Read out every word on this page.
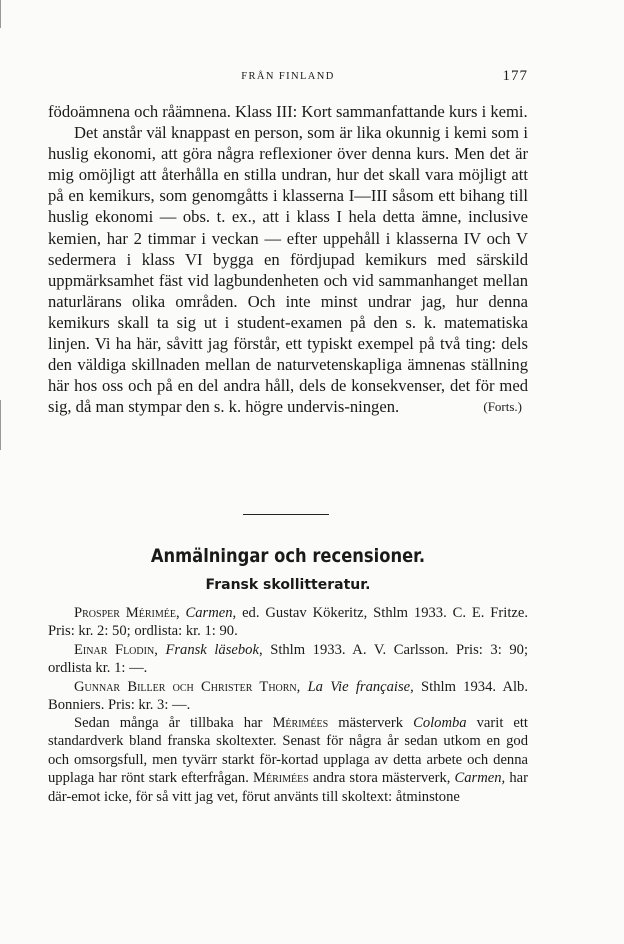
FRÅN FINLAND	177

födoämnena och råämnena. Klass III: Kort sammanfattande kurs i kemi.

Det anstår väl knappast en person, som är lika okunnig i kemi som i huslig ekonomi, att göra några reflexioner över denna kurs. Men det är mig omöjligt att återhålla en stilla undran, hur det skall vara möjligt att på en kemikurs, som genomgåtts i klasserna I—III såsom ett bihang till huslig ekonomi — obs. t. ex., att i klass I hela detta ämne, inclusive kemien, har 2 timmar i veckan — efter uppehåll i klasserna IV och V sedermera i klass VI bygga en fördjupad kemikurs med särskild uppmärksamhet fäst vid lagbundenheten och vid sammanhanget mellan naturlärans olika områden. Och inte minst undrar jag, hur denna kemikurs skall ta sig ut i student-examen på den s. k. matematiska linjen. Vi ha här, såvitt jag förstår, ett typiskt exempel på två ting: dels den väldiga skillnaden mellan de naturvetenskapliga ämnenas ställning här hos oss och på en del andra håll, dels de konsekvenser, det för med sig, då man stympar den s. k. högre undervis-ningen.	(Forts.)

Anmälningar och recensioner.
Fransk skollitteratur.

Prosper Mérimée, Carmen, ed. Gustav Kökeritz, Sthlm 1933. C. E. Fritze. Pris: kr. 2: 50; ordlista: kr. 1: 90.

Einar Flodin, Fransk läsebok, Sthlm 1933. A. V. Carlsson. Pris: 3: 90; ordlista kr. 1: —.

Gunnar Biller och Christer Thorn, La Vie française, Sthlm 1934. Alb. Bonniers. Pris: kr. 3: —.

Sedan många år tillbaka har Mérimées mästerverk Colomba varit ett standardverk bland franska skoltexter. Senast för några år sedan utkom en god och omsorgsfull, men tyvärr starkt för-kortad upplaga av detta arbete och denna upplaga har rönt stark efterfrågan. Mérimées andra stora mästerverk, Carmen, har där-emot icke, för så vitt jag vet, förut använts till skoltext: åtminstone
